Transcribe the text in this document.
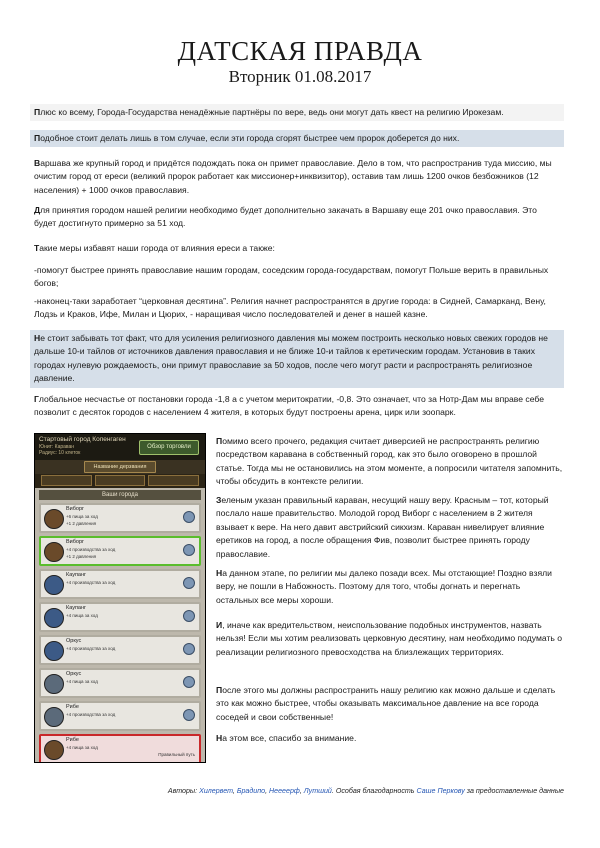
ДАТСКАЯ ПРАВДА
Вторник 01.08.2017

Плюс ко всему, Города-Государства ненадёжные партнёры по вере, ведь они могут дать квест на религию Ирокезам.

Подобное стоит делать лишь в том случае, если эти города сгорят быстрее чем пророк доберется до них.

Варшава же крупный город и придётся подождать пока он примет православие. Дело в том, что распространив туда миссию, мы очистим город от ереси (великий пророк работает как миссионер+инквизитор), оставив там лишь 1200 очков безбожников (12 населения) + 1000 очков православия.

Для принятия городом нашей религии необходимо будет дополнительно закачать в Варшаву еще 201 очко православия. Это будет достигнуто примерно за 51 ход.

Такие меры избавят наши города от влияния ереси а также:

-помогут быстрее принять православие нашим городам, соседским города-государствам, помогут Польше верить в правильных богов;

-наконец-таки заработает “церковная десятина”. Религия начнет распространятся в другие города: в Сидней, Самарканд, Вену, Лодзь и Краков, Ифе, Милан и Цюрих, - наращивая число последователей и денег в нашей казне.

Не стоит забывать тот факт, что для усиления религиозного давления мы можем построить несколько новых свежих городов не дальше 10-и тайлов от источников давления православия и не ближе 10-и тайлов к еретическим городам. Установив в таких городах нулевую рождаемость, они примут православие за 50 ходов, после чего могут расти и распространять религиозное давление.

Глобальное несчастье от постановки города -1,8 а с учетом меритократии, -0,8. Это означает, что за Нотр-Дам мы вправе себе позволит с десяток городов с населением 4 жителя, в которых будут построены арена, цирк или зоопарк.

Стартовый город Копенгаген
Юнит: Караван
Радиус: 10 клеток
Обзор торговли
Название дерзвания
Ваши города
Виборг
+6 пища за ход
+1 2 давления
Виборг
+4 производства за ход
+1 2 давления
Каупанг
+4 производства за ход
Каупанг
+4 пища за ход
Оркус
+4 производства за ход
Оркус
+4 пища за ход
Рибе
+4 производства за ход
Рибе
+4 пища за ход
Правильный путь

Помимо всего прочего, редакция считает диверсией не распространять религию посредством каравана в собственный город, как это было оговорено в прошлой статье. Тогда мы не остановились на этом моменте, а попросили читателя запомнить, чтобы обсудить в контексте религии.

Зеленым указан правильный караван, несущий нашу веру. Красным – тот, который послало наше правительство. Молодой город Виборг с населением в 2 жителя взывает к вере. На него давит австрийский сикхизм. Караван нивелирует влияние еретиков на город, а после обращения Фив, позволит быстрее принять городу православие.

На данном этапе, по религии мы далеко позади всех. Мы отстающие! Поздно взяли веру, не пошли в Набожность. Поэтому для того, чтобы догнать и перегнать остальных все меры хороши.

И, иначе как вредительством, неиспользование подобных инструментов, назвать нельзя! Если мы хотим реализовать церковную десятину, нам необходимо подумать о реализации религиозного превосходства на близлежащих территориях.

После этого мы должны распространить нашу религию как можно дальше и сделать это как можно быстрее, чтобы оказывать максимальное давление на все города соседей и свои собственные!

На этом все, спасибо за внимание.

Авторы: Хилервет, Брадипо, Неееерф, Лутший. Особая благодарность Саше Перкову за предоставленные данные
